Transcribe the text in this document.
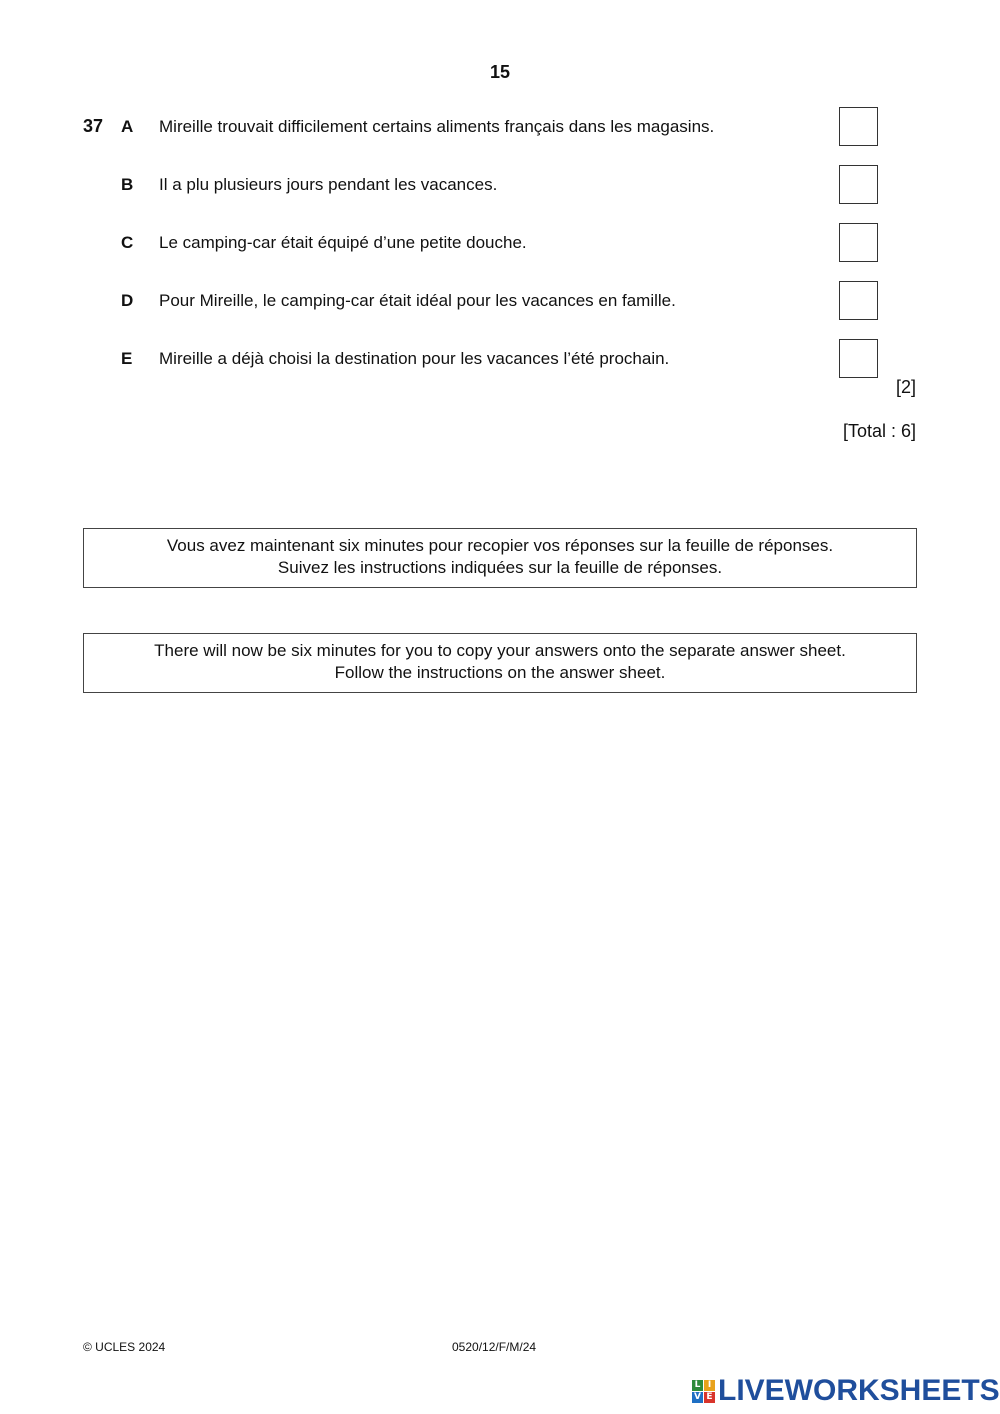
15
37 A Mireille trouvait difficilement certains aliments français dans les magasins.
B Il a plu plusieurs jours pendant les vacances.
C Le camping-car était équipé d’une petite douche.
D Pour Mireille, le camping-car était idéal pour les vacances en famille.
E Mireille a déjà choisi la destination pour les vacances l’été prochain.
[2]
[Total : 6]
Vous avez maintenant six minutes pour recopier vos réponses sur la feuille de réponses.
Suivez les instructions indiquées sur la feuille de réponses.
There will now be six minutes for you to copy your answers onto the separate answer sheet.
Follow the instructions on the answer sheet.
© UCLES 2024	0520/12/F/M/24
L I
V E LIVEWORKSHEETS
